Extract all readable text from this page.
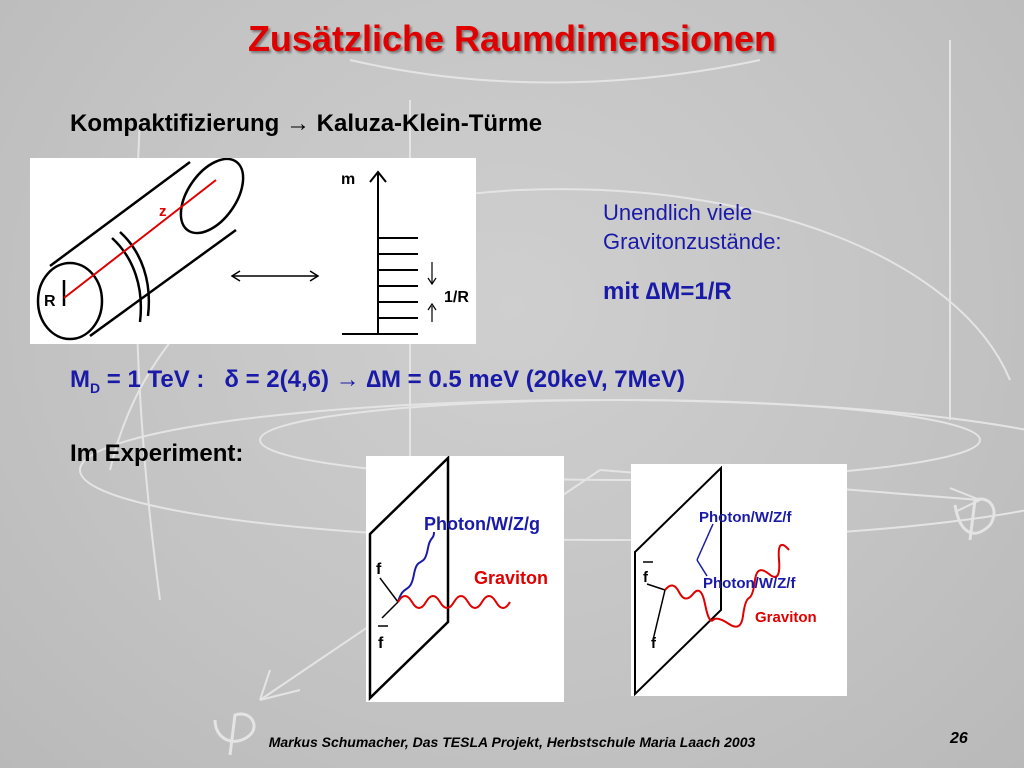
Zusätzliche Raumdimensionen
Kompaktifizierung → Kaluza-Klein-Türme
z
R
m
1/R
Unendlich viele
Gravitonzustände:
mit ∆M=1/R
$M_D = 1$ TeV :   δ = 2(4,6) → ∆M = 0.5 meV (20keV, 7MeV)
Im Experiment:
Photon/W/Z/g
Graviton
f
f
Photon/W/Z/f
Photon/W/Z/f
Graviton
f
f
Markus Schumacher, Das TESLA Projekt, Herbstschule Maria Laach 2003	26
